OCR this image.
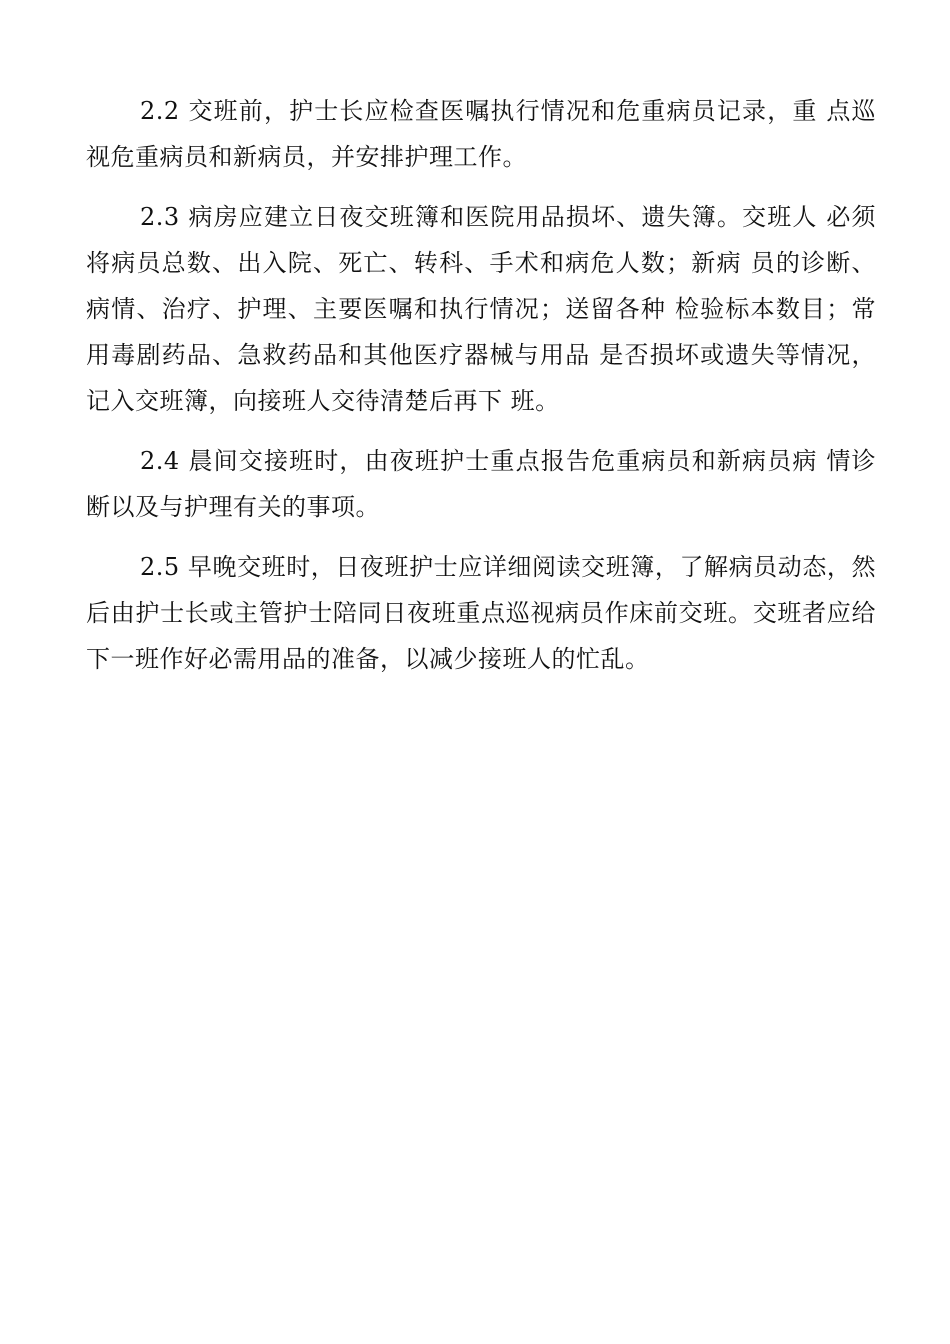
2.2 交班前，护士长应检查医嘱执行情况和危重病员记录，重 点巡视危重病员和新病员，并安排护理工作。

2.3 病房应建立日夜交班簿和医院用品损坏、遗失簿。交班人 必须将病员总数、出入院、死亡、转科、手术和病危人数；新病 员的诊断、病情、治疗、护理、主要医嘱和执行情况；送留各种 检验标本数目；常用毒剧药品、急救药品和其他医疗器械与用品 是否损坏或遗失等情况，记入交班簿，向接班人交待清楚后再下 班。

2.4 晨间交接班时，由夜班护士重点报告危重病员和新病员病 情诊断以及与护理有关的事项。

2.5 早晚交班时，日夜班护士应详细阅读交班簿，了解病员动态，然后由护士长或主管护士陪同日夜班重点巡视病员作床前交班。交班者应给下一班作好必需用品的准备，以减少接班人的忙乱。
